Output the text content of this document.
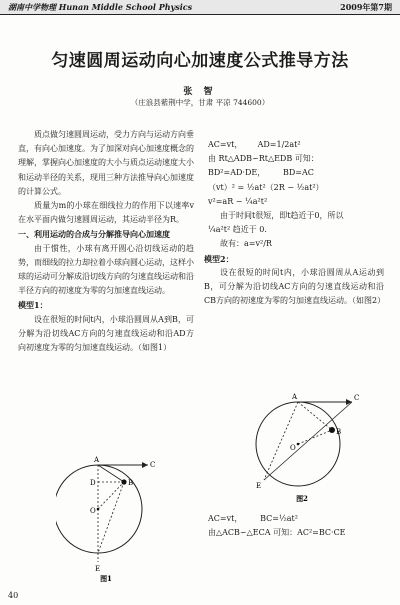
湖南中学物理 Hunan Middle School Physics	2009年第7期
匀速圆周运动向心加速度公式推导方法
张 智
（庄浪县紫荆中学，甘肃 平凉 744600）

质点做匀速圆周运动，受力方向与运动方向垂直，有向心加速度。为了加深对向心加速度概念的理解，掌握向心加速度的大小与质点运动速度大小和运动半径的关系，现用三种方法推导向心加速度的计算公式。

质量为m的小球在细线拉力的作用下以速率v在水平面内做匀速圆周运动，其运动半径为R。

一、利用运动的合成与分解推导向心加速度

由于惯性，小球有离开圆心沿切线运动的趋势，而细线的拉力却拉着小球向圆心运动，这样小球的运动可分解成沿切线方向的匀速直线运动和沿半径方向的初速度为零的匀加速直线运动。

模型1：

设在很短的时间t内，小球沿圆周从A到B，可分解为沿切线AC方向的匀速直线运动和沿AD方向初速度为零的匀加速直线运动。（如图1）

A
C
D	B
O
E
图1

AC=vt， AD=1/2at²

由 Rt△ADB∽Rt△EDB 可知：

BD²=AD·DE， BD=AC

（vt）² = ½at²（2R − ½at²）

v²=aR − ¼a²t²

由于时间t很短，即t趋近于0，所以

¼a²t² 趋近于 0.

故有：a=v²/R

模型2：

设在很短的时间t内，小球沿圆周从A运动到B，可分解为沿切线AC方向的匀速直线运动和沿CB方向的初速度为零的匀加速直线运动。（如图2）

A	C
B
O
E
图2

AC=vt， BC=½at²

由△ACB∽△ECA 可知：AC²=BC·CE

40
